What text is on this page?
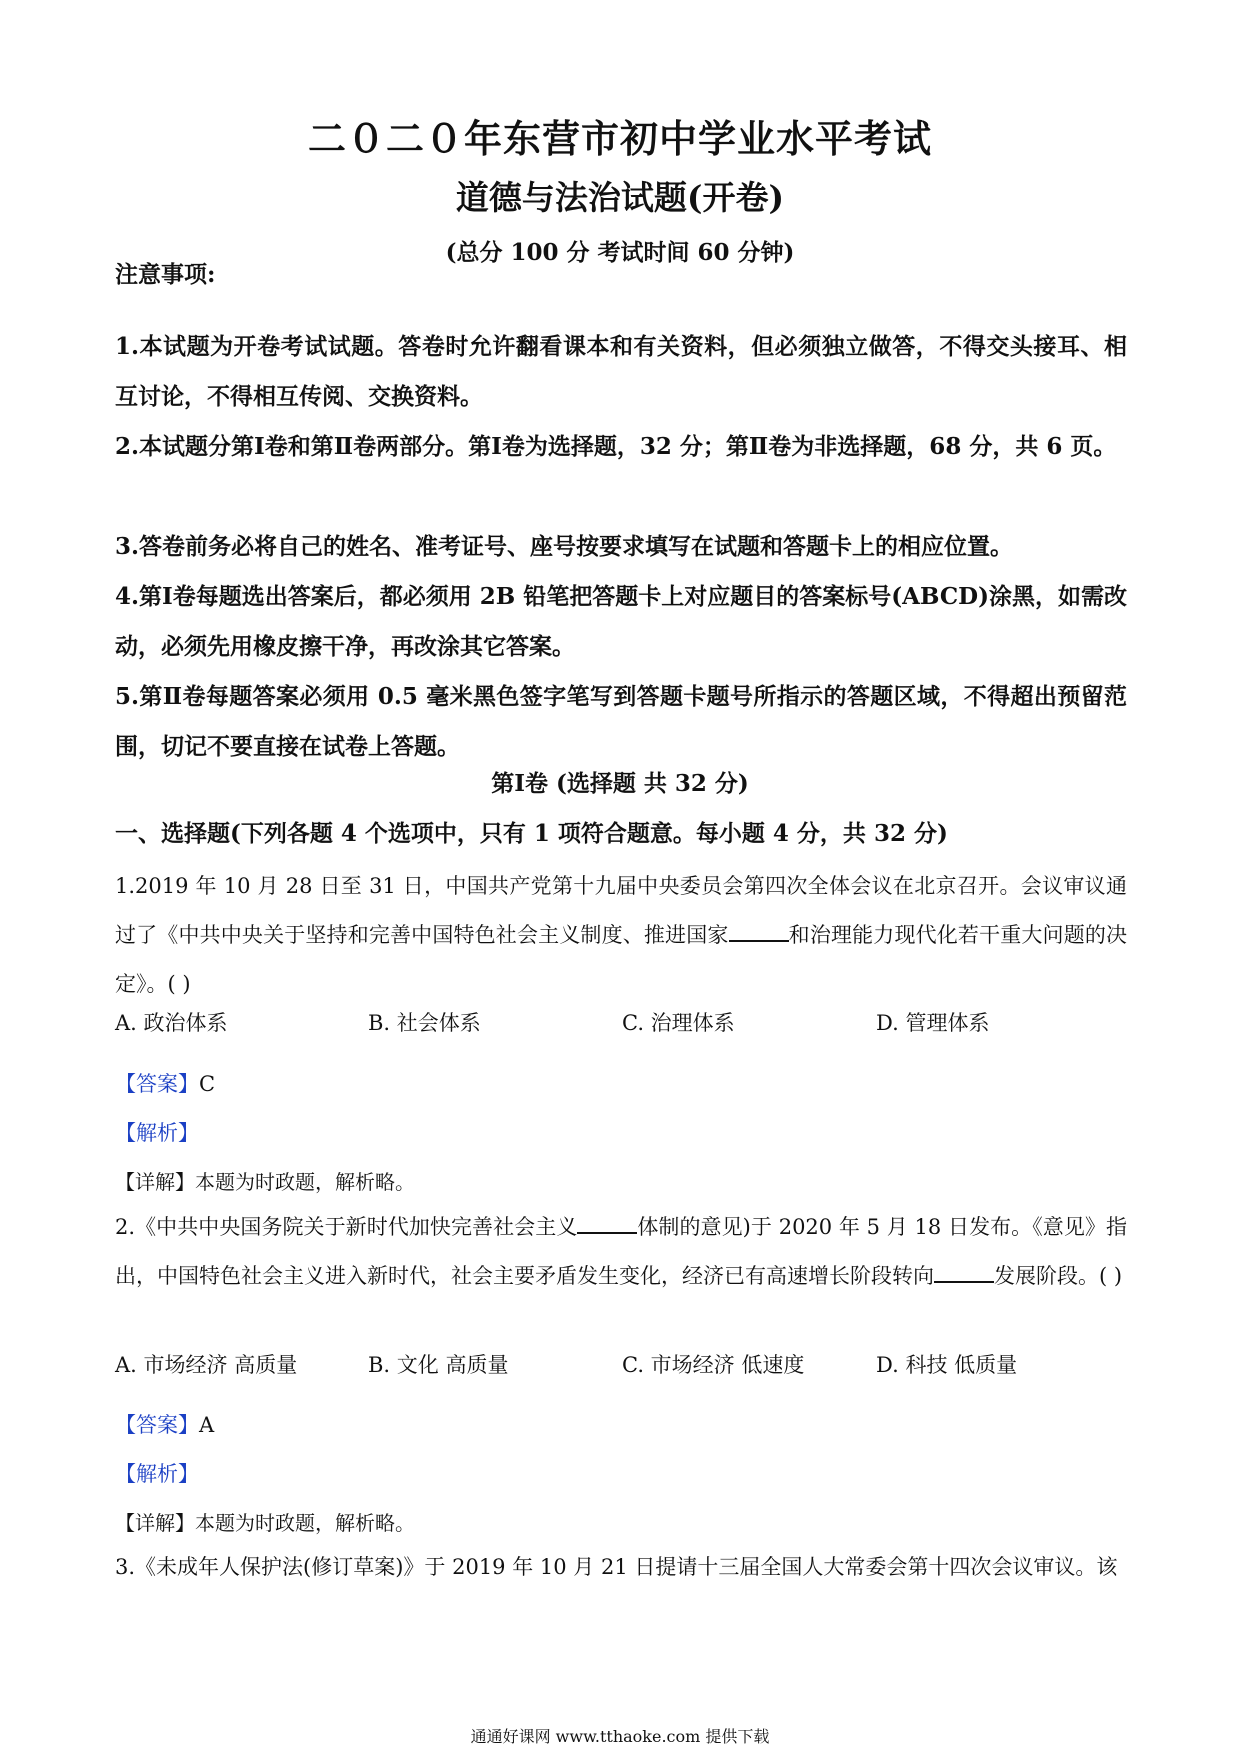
二０二０年东营市初中学业水平考试
道德与法治试题(开卷)
(总分 100 分 考试时间 60 分钟)
注意事项:
1.本试题为开卷考试试题。答卷时允许翻看课本和有关资料，但必须独立做答，不得交头接耳、相互讨论，不得相互传阅、交换资料。
2.本试题分第Ⅰ卷和第Ⅱ卷两部分。第Ⅰ卷为选择题，32 分；第Ⅱ卷为非选择题，68 分，共 6 页。
3.答卷前务必将自己的姓名、准考证号、座号按要求填写在试题和答题卡上的相应位置。
4.第Ⅰ卷每题选出答案后，都必须用 2B 铅笔把答题卡上对应题目的答案标号(ABCD)涂黑，如需改动，必须先用橡皮擦干净，再改涂其它答案。
5.第Ⅱ卷每题答案必须用 0.5 毫米黑色签字笔写到答题卡题号所指示的答题区域，不得超出预留范围，切记不要直接在试卷上答题。
第Ⅰ卷 (选择题 共 32 分)
一、选择题(下列各题 4 个选项中，只有 1 项符合题意。每小题 4 分，共 32 分)
1.2019 年 10 月 28 日至 31 日，中国共产党第十九届中央委员会第四次全体会议在北京召开。会议审议通过了《中共中央关于坚持和完善中国特色社会主义制度、推进国家	和治理能力现代化若干重大问题的决定》。( )
A. 政治体系	B. 社会体系	C. 治理体系	D. 管理体系
【答案】C
【解析】
【详解】本题为时政题，解析略。
2.《中共中央国务院关于新时代加快完善社会主义	体制的意见)于 2020 年 5 月 18 日发布。《意见》指出，中国特色社会主义进入新时代，社会主要矛盾发生变化，经济已有高速增长阶段转向	发展阶段。( )
A. 市场经济 高质量	B. 文化 高质量	C. 市场经济 低速度	D. 科技 低质量
【答案】A
【解析】
【详解】本题为时政题，解析略。
3.《未成年人保护法(修订草案)》于 2019 年 10 月 21 日提请十三届全国人大常委会第十四次会议审议。该
通通好课网 www.tthaoke.com 提供下载
